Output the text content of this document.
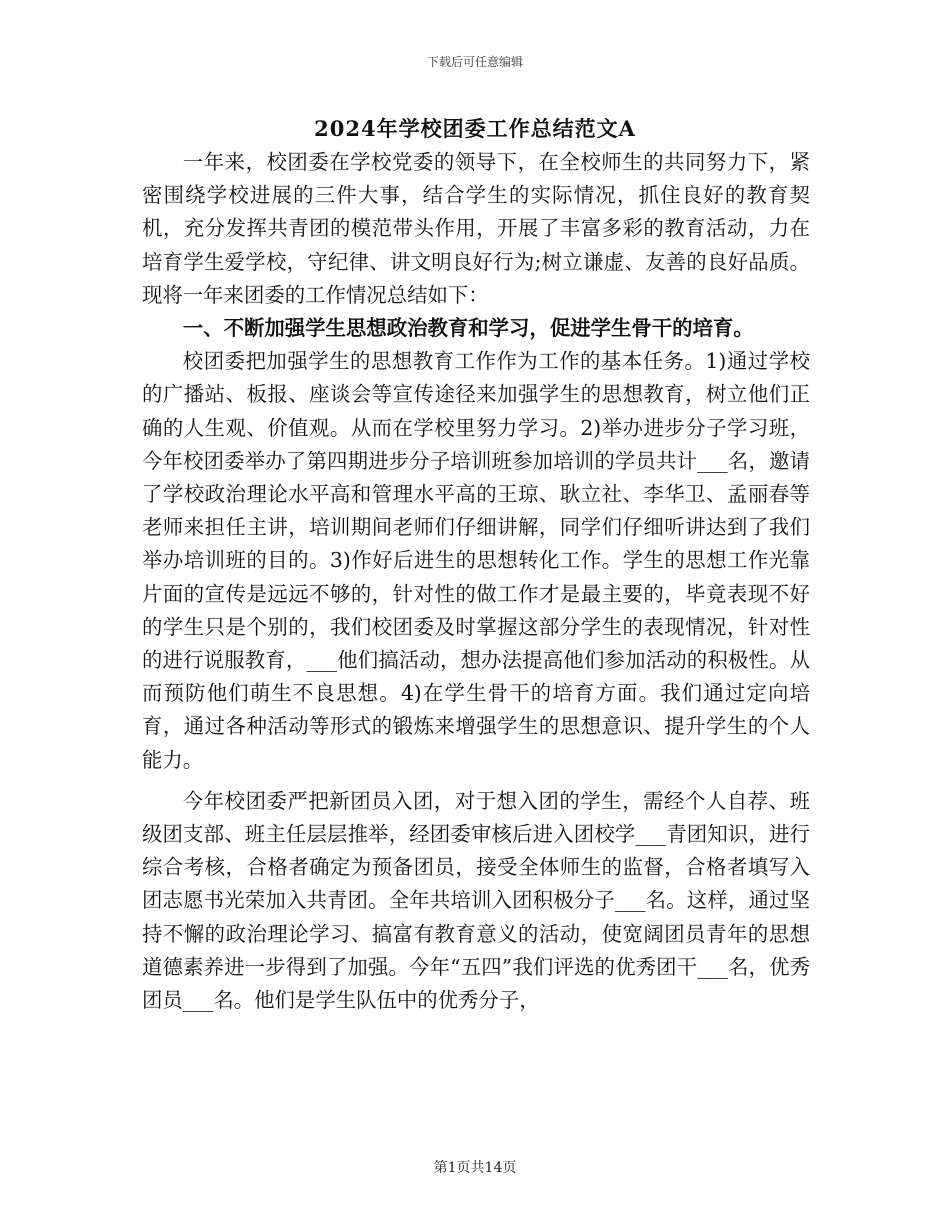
下载后可任意编辑
2024年学校团委工作总结范文A

一年来，校团委在学校党委的领导下，在全校师生的共同努力下，紧密围绕学校进展的三件大事，结合学生的实际情况，抓住良好的教育契机，充分发挥共青团的模范带头作用，开展了丰富多彩的教育活动，力在培育学生爱学校，守纪律、讲文明良好行为;树立谦虚、友善的良好品质。现将一年来团委的工作情况总结如下：

一、不断加强学生思想政治教育和学习，促进学生骨干的培育。

校团委把加强学生的思想教育工作作为工作的基本任务。1)通过学校的广播站、板报、座谈会等宣传途径来加强学生的思想教育，树立他们正确的人生观、价值观。从而在学校里努力学习。2)举办进步分子学习班，今年校团委举办了第四期进步分子培训班参加培训的学员共计___名，邀请了学校政治理论水平高和管理水平高的王琼、耿立社、李华卫、孟丽春等老师来担任主讲，培训期间老师们仔细讲解，同学们仔细听讲达到了我们举办培训班的目的。3)作好后进生的思想转化工作。学生的思想工作光靠片面的宣传是远远不够的，针对性的做工作才是最主要的，毕竟表现不好的学生只是个别的，我们校团委及时掌握这部分学生的表现情况，针对性的进行说服教育，___他们搞活动，想办法提高他们参加活动的积极性。从而预防他们萌生不良思想。4)在学生骨干的培育方面。我们通过定向培育，通过各种活动等形式的锻炼来增强学生的思想意识、提升学生的个人能力。

今年校团委严把新团员入团，对于想入团的学生，需经个人自荐、班级团支部、班主任层层推举，经团委审核后进入团校学___青团知识，进行综合考核，合格者确定为预备团员，接受全体师生的监督，合格者填写入团志愿书光荣加入共青团。全年共培训入团积极分子___名。这样，通过坚持不懈的政治理论学习、搞富有教育意义的活动，使宽阔团员青年的思想道德素养进一步得到了加强。今年“五四”我们评选的优秀团干___名，优秀团员___名。他们是学生队伍中的优秀分子，

第1页共14页
